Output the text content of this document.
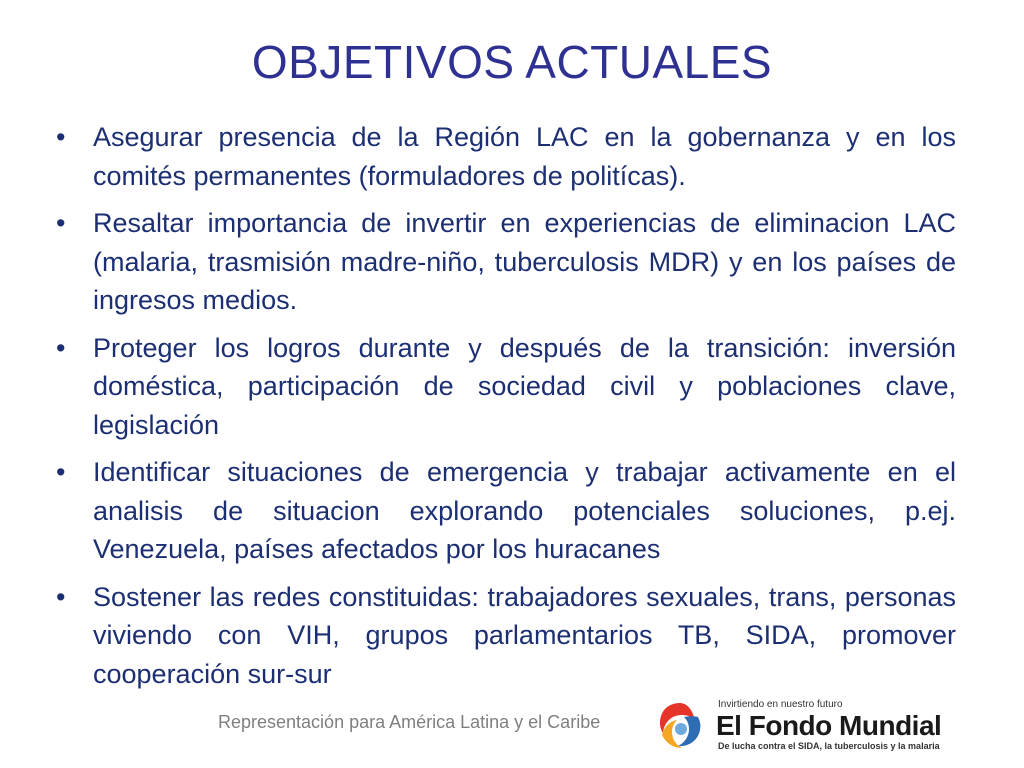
OBJETIVOS ACTUALES
•	Asegurar presencia de la Región LAC en la gobernanza y en los comités permanentes (formuladores de politícas).
•	Resaltar importancia de invertir en experiencias de eliminacion LAC (malaria, trasmisión madre-niño, tuberculosis MDR) y en los países de ingresos medios.
•	Proteger los logros durante y después de la transición: inversión doméstica, participación de sociedad civil y poblaciones clave, legislación
•	Identificar situaciones de emergencia y trabajar activamente en el analisis de situacion explorando potenciales soluciones, p.ej. Venezuela, países afectados por los huracanes
•	Sostener las redes constituidas: trabajadores sexuales, trans, personas viviendo con VIH, grupos parlamentarios TB, SIDA, promover cooperación sur-sur
Representación para América Latina y el Caribe
Invirtiendo en nuestro futuro
El Fondo Mundial
De lucha contra el SIDA, la tuberculosis y la malaria
